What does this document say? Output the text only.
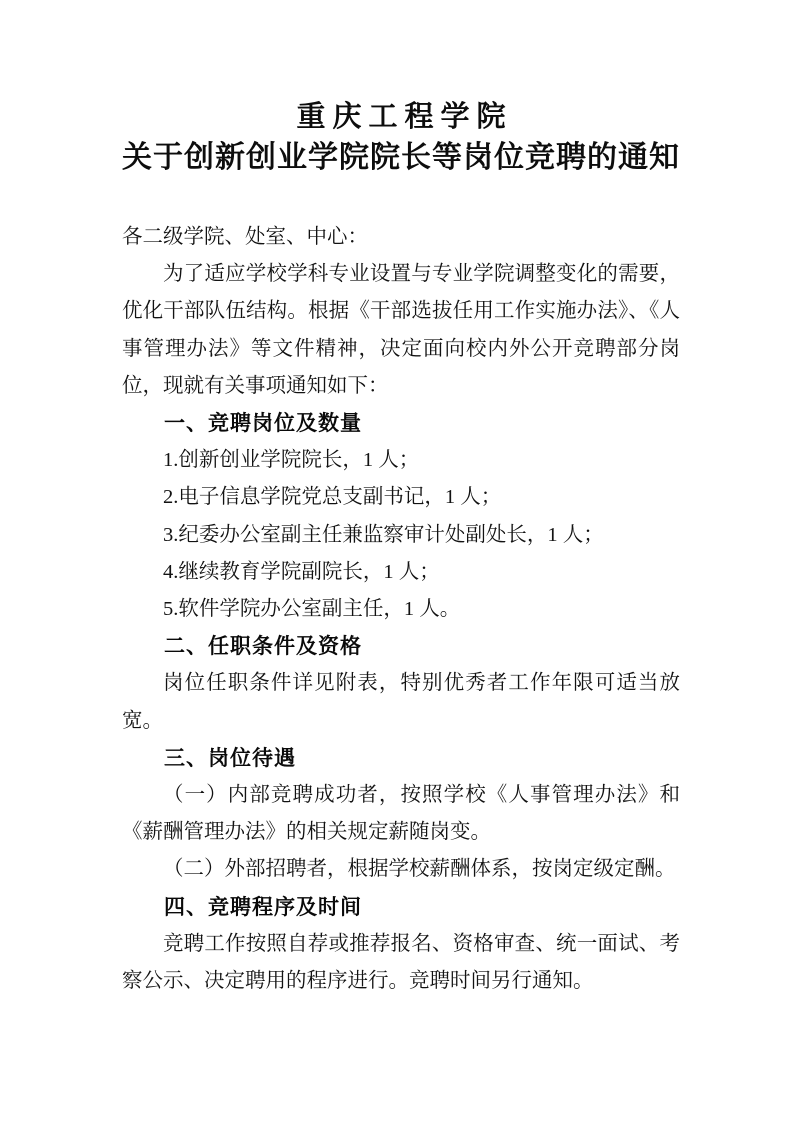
重庆工程学院
关于创新创业学院院长等岗位竞聘的通知

各二级学院、处室、中心：

为了适应学校学科专业设置与专业学院调整变化的需要，优化干部队伍结构。根据《干部选拔任用工作实施办法》、《人事管理办法》等文件精神，决定面向校内外公开竞聘部分岗位，现就有关事项通知如下：

一、竞聘岗位及数量

1.创新创业学院院长，1 人；

2.电子信息学院党总支副书记，1 人；

3.纪委办公室副主任兼监察审计处副处长，1 人；

4.继续教育学院副院长，1 人；

5.软件学院办公室副主任，1 人。

二、任职条件及资格

岗位任职条件详见附表，特别优秀者工作年限可适当放宽。

三、岗位待遇

（一）内部竞聘成功者，按照学校《人事管理办法》和《薪酬管理办法》的相关规定薪随岗变。

（二）外部招聘者，根据学校薪酬体系，按岗定级定酬。

四、竞聘程序及时间

竞聘工作按照自荐或推荐报名、资格审查、统一面试、考察公示、决定聘用的程序进行。竞聘时间另行通知。
